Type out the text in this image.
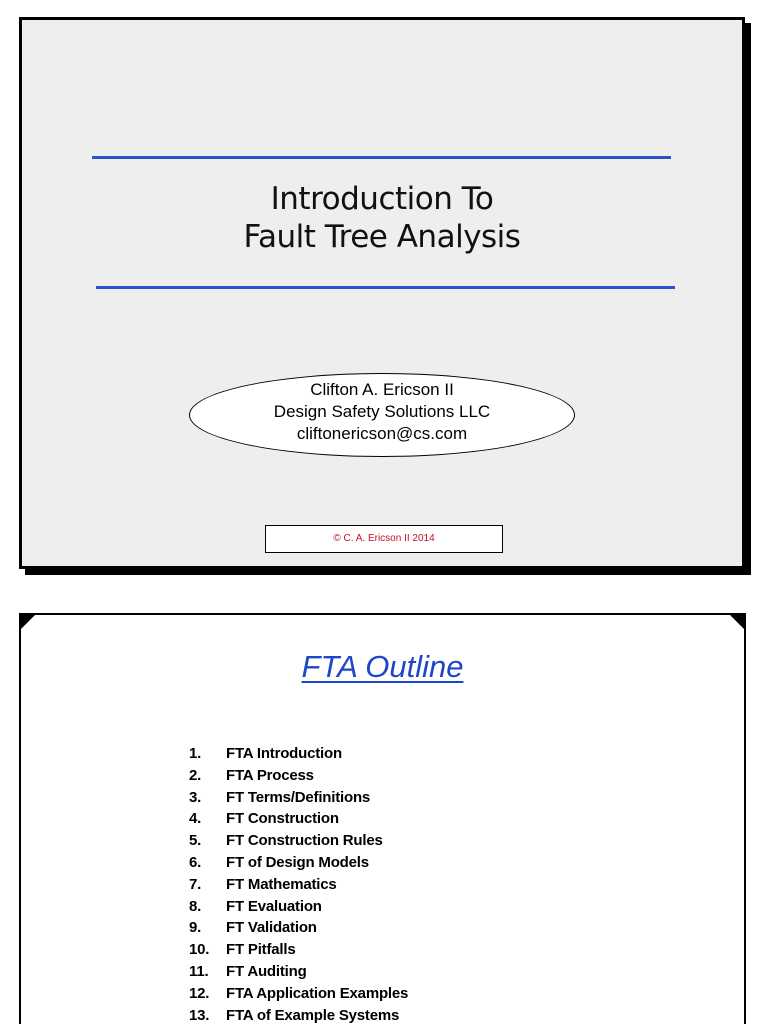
Introduction To
Fault Tree Analysis
Clifton A. Ericson II
Design Safety Solutions LLC
cliftonericson@cs.com
© C. A. Ericson II 2014
FTA Outline
1.	FTA Introduction
2.	FTA Process
3.	FT Terms/Definitions
4.	FT Construction
5.	FT Construction Rules
6.	FT of Design Models
7.	FT Mathematics
8.	FT Evaluation
9.	FT Validation
10.	FT Pitfalls
11.	FT Auditing
12.	FTA Application Examples
13.	FTA of Example Systems
